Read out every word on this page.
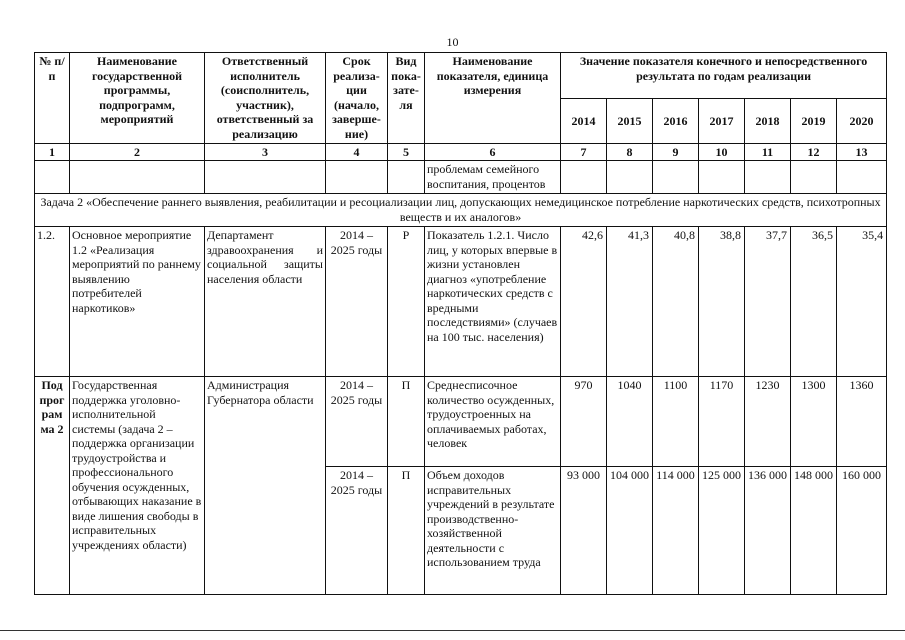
10
№ п/п	Наименование государственной программы, подпрограмм, мероприятий	Ответственный исполнитель (соисполнитель, участник), ответственный за реализацию	Срок реализа- ции (начало, заверше- ние)	Вид пока- зате- ля	Наименование показателя, единица измерения	Значение показателя конечного и непосредственного результата по годам реализации						
						2014	2015	2016	2017	2018	2019	2020
1	2	3	4	5	6	7	8	9	10	11	12	13
					проблемам семейного воспитания, процентов							
Задача 2 «Обеспечение раннего выявления, реабилитации и ресоциализации лиц, допускающих немедицинское потребление наркотических средств, психотропных веществ и их аналогов»												
1.2.	Основное мероприятие 1.2 «Реализация мероприятий по раннему выявлению потребителей наркотиков»	Департамент здравоохранения и социальной защиты населения области	2014 – 2025 годы	Р	Показатель 1.2.1. Число лиц, у которых впервые в жизни установлен диагноз «употребление наркотических средств с вредными последствиями» (случаев на 100 тыс. населения)	42,6	41,3	40,8	38,8	37,7	36,5	35,4
Под прог рам ма 2	Государственная поддержка уголовно-исполнительной системы (задача 2 – поддержка организации трудоустройства и профессионального обучения осужденных, отбывающих наказание в виде лишения свободы в исправительных учреждениях области)	Администрация Губернатора области	2014 – 2025 годы	П	Среднесписочное количество осужденных, трудоустроенных на оплачиваемых работах, человек	970	1040	1100	1170	1230	1300	1360
			2014 – 2025 годы	П	Объем доходов исправительных учреждений в результате производственно-хозяйственной деятельности с использованием труда	93 000	104 000	114 000	125 000	136 000	148 000	160 000
